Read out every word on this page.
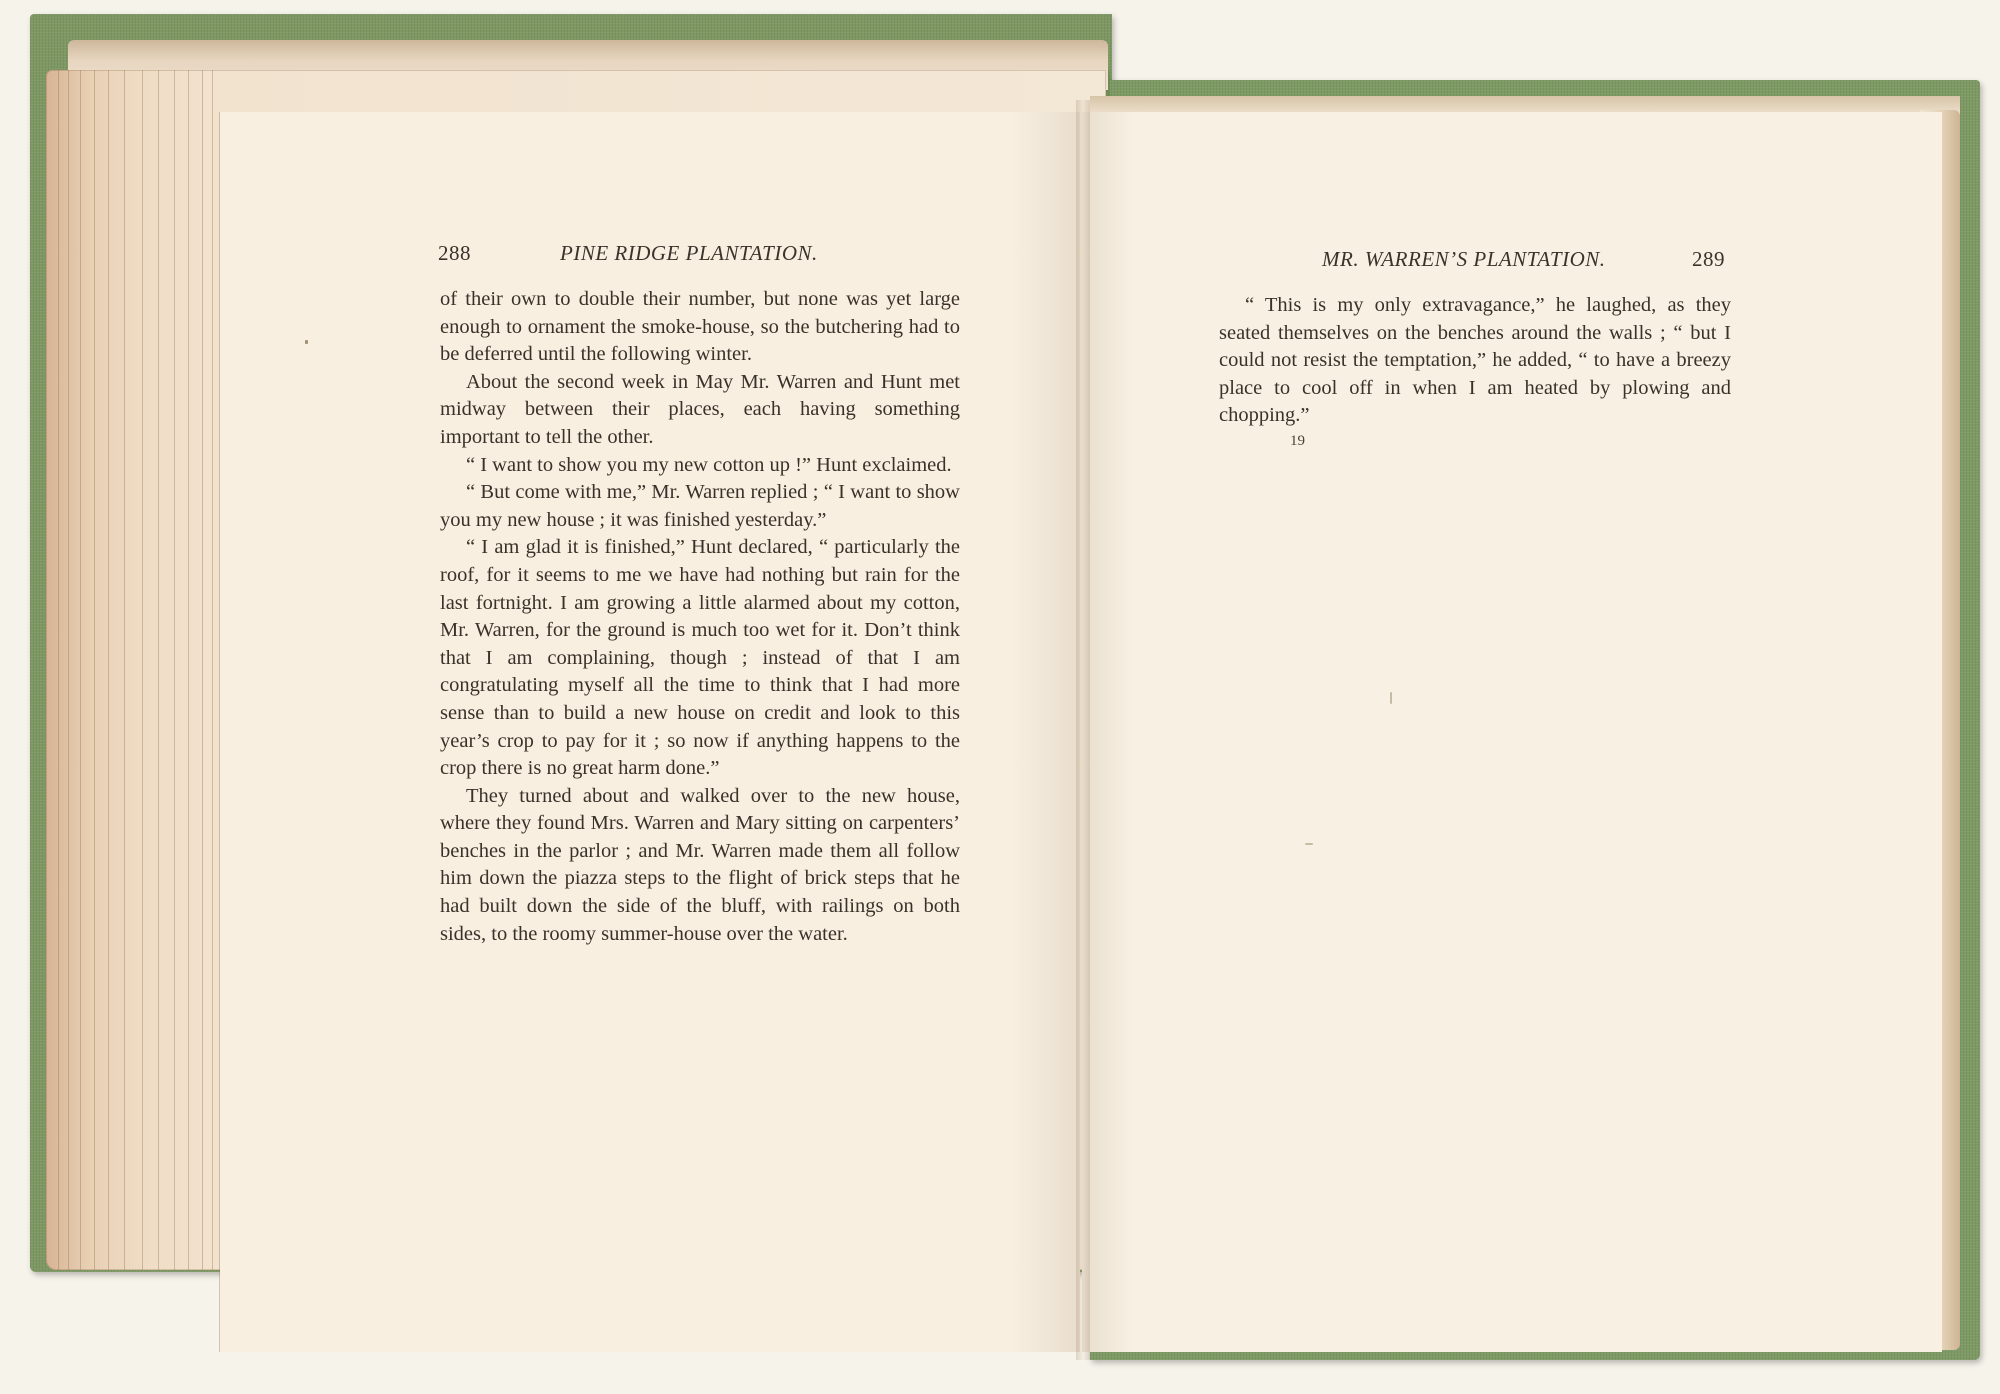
288	PINE RIDGE PLANTATION.	MR. WARREN’S PLANTATION.	289

of their own to double their number, but none was yet large enough to ornament the smoke-house, so the butchering had to be deferred until the following winter.

About the second week in May Mr. Warren and Hunt met midway between their places, each having something important to tell the other.

“ I want to show you my new cotton up !” Hunt exclaimed.

“ But come with me,” Mr. Warren replied ; “ I want to show you my new house ; it was finished yesterday.”

“ I am glad it is finished,” Hunt declared, “ particularly the roof, for it seems to me we have had nothing but rain for the last fortnight. I am growing a little alarmed about my cotton, Mr. Warren, for the ground is much too wet for it. Don’t think that I am complaining, though ; instead of that I am congratulating myself all the time to think that I had more sense than to build a new house on credit and look to this year’s crop to pay for it ; so now if anything happens to the crop there is no great harm done.”

They turned about and walked over to the new house, where they found Mrs. Warren and Mary sitting on carpenters’ benches in the parlor ; and Mr. Warren made them all follow him down the piazza steps to the flight of brick steps that he had built down the side of the bluff, with railings on both sides, to the roomy summer-house over the water.

“ This is my only extravagance,” he laughed, as they seated themselves on the benches around the walls ; “ but I could not resist the temptation,” he added, “ to have a breezy place to cool off in when I am heated by plowing and chopping.”

19
